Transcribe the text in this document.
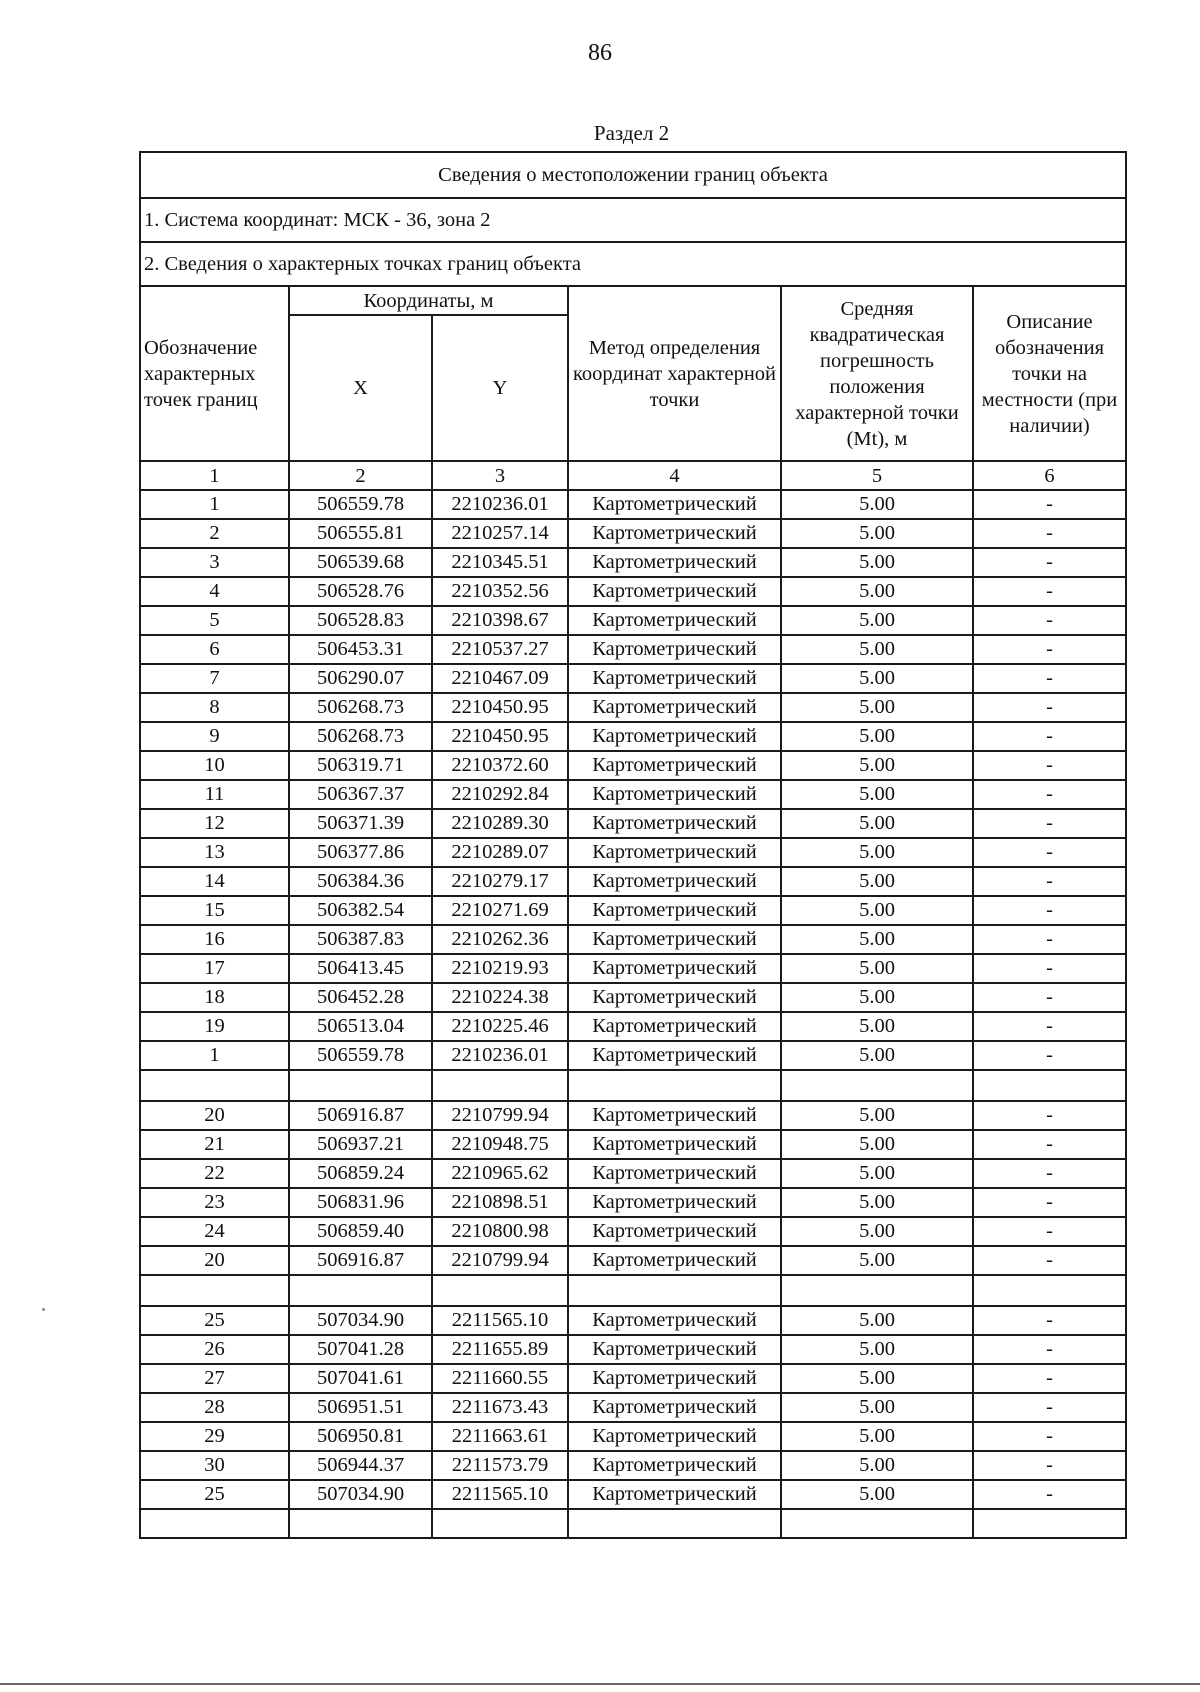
86
Раздел 2
Сведения о местоположении границ объекта					
1. Система координат: МСК - 36, зона 2					
2. Сведения о характерных точках границ объекта					
Обозначение характерных точек границ	Координаты, м		Метод определения координат характерной точки	Средняя квадратическая погрешность положения характерной точки (Mt), м	Описание обозначения точки на местности (при наличии)
	X	Y			
1	2	3	4	5	6
1	506559.78	2210236.01	Картометрический	5.00	-
2	506555.81	2210257.14	Картометрический	5.00	-
3	506539.68	2210345.51	Картометрический	5.00	-
4	506528.76	2210352.56	Картометрический	5.00	-
5	506528.83	2210398.67	Картометрический	5.00	-
6	506453.31	2210537.27	Картометрический	5.00	-
7	506290.07	2210467.09	Картометрический	5.00	-
8	506268.73	2210450.95	Картометрический	5.00	-
9	506268.73	2210450.95	Картометрический	5.00	-
10	506319.71	2210372.60	Картометрический	5.00	-
11	506367.37	2210292.84	Картометрический	5.00	-
12	506371.39	2210289.30	Картометрический	5.00	-
13	506377.86	2210289.07	Картометрический	5.00	-
14	506384.36	2210279.17	Картометрический	5.00	-
15	506382.54	2210271.69	Картометрический	5.00	-
16	506387.83	2210262.36	Картометрический	5.00	-
17	506413.45	2210219.93	Картометрический	5.00	-
18	506452.28	2210224.38	Картометрический	5.00	-
19	506513.04	2210225.46	Картометрический	5.00	-
1	506559.78	2210236.01	Картометрический	5.00	-

20	506916.87	2210799.94	Картометрический	5.00	-
21	506937.21	2210948.75	Картометрический	5.00	-
22	506859.24	2210965.62	Картометрический	5.00	-
23	506831.96	2210898.51	Картометрический	5.00	-
24	506859.40	2210800.98	Картометрический	5.00	-
20	506916.87	2210799.94	Картометрический	5.00	-

25	507034.90	2211565.10	Картометрический	5.00	-
26	507041.28	2211655.89	Картометрический	5.00	-
27	507041.61	2211660.55	Картометрический	5.00	-
28	506951.51	2211673.43	Картометрический	5.00	-
29	506950.81	2211663.61	Картометрический	5.00	-
30	506944.37	2211573.79	Картометрический	5.00	-
25	507034.90	2211565.10	Картометрический	5.00	-
